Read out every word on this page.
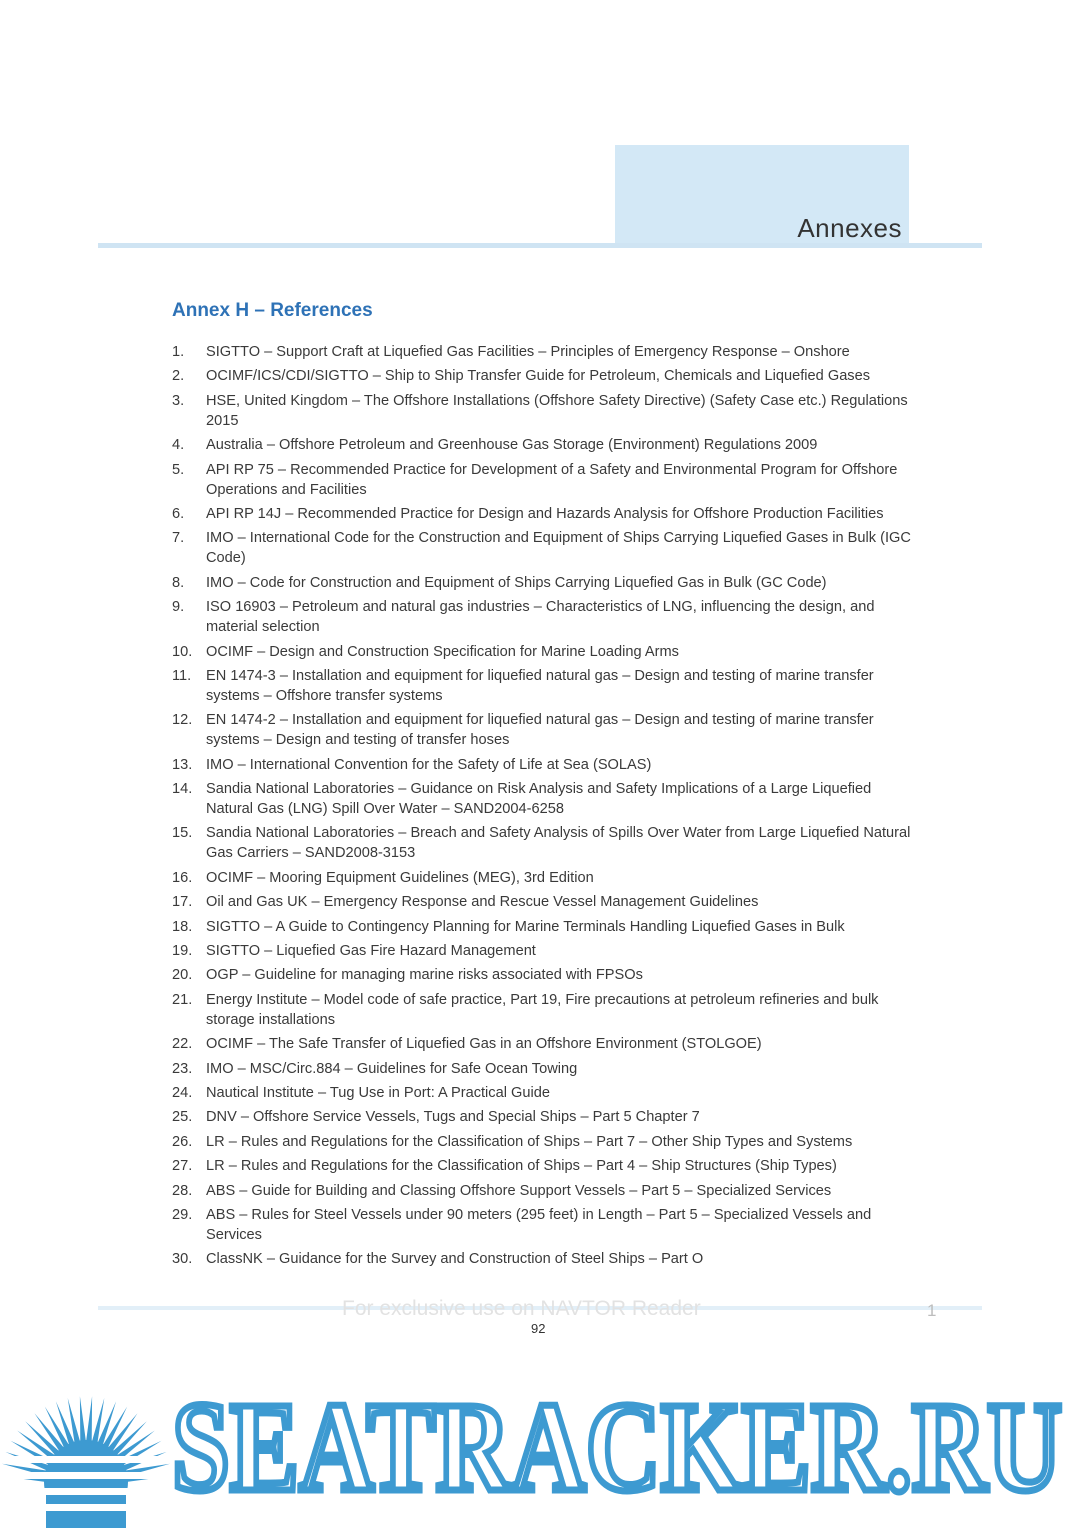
Annexes
Annex H – References
1.	SIGTTO – Support Craft at Liquefied Gas Facilities – Principles of Emergency Response – Onshore
2.	OCIMF/ICS/CDI/SIGTTO – Ship to Ship Transfer Guide for Petroleum, Chemicals and Liquefied Gases
3.	HSE, United Kingdom – The Offshore Installations (Offshore Safety Directive) (Safety Case etc.) Regulations 2015
4.	Australia – Offshore Petroleum and Greenhouse Gas Storage (Environment) Regulations 2009
5.	API RP 75 – Recommended Practice for Development of a Safety and Environmental Program for Offshore Operations and Facilities
6.	API RP 14J – Recommended Practice for Design and Hazards Analysis for Offshore Production Facilities
7.	IMO – International Code for the Construction and Equipment of Ships Carrying Liquefied Gases in Bulk (IGC Code)
8.	IMO – Code for Construction and Equipment of Ships Carrying Liquefied Gas in Bulk (GC Code)
9.	ISO 16903 – Petroleum and natural gas industries – Characteristics of LNG, influencing the design, and material selection
10. OCIMF – Design and Construction Specification for Marine Loading Arms
11.	EN 1474-3 – Installation and equipment for liquefied natural gas – Design and testing of marine transfer systems – Offshore transfer systems
12. EN 1474-2 – Installation and equipment for liquefied natural gas – Design and testing of marine transfer systems – Design and testing of transfer hoses
13. IMO – International Convention for the Safety of Life at Sea (SOLAS)
14. Sandia National Laboratories – Guidance on Risk Analysis and Safety Implications of a Large Liquefied Natural Gas (LNG) Spill Over Water – SAND2004-6258
15. Sandia National Laboratories – Breach and Safety Analysis of Spills Over Water from Large Liquefied Natural Gas Carriers – SAND2008-3153
16. OCIMF – Mooring Equipment Guidelines (MEG), 3rd Edition
17. Oil and Gas UK – Emergency Response and Rescue Vessel Management Guidelines
18. SIGTTO – A Guide to Contingency Planning for Marine Terminals Handling Liquefied Gases in Bulk
19. SIGTTO – Liquefied Gas Fire Hazard Management
20. OGP – Guideline for managing marine risks associated with FPSOs
21. Energy Institute – Model code of safe practice, Part 19, Fire precautions at petroleum refineries and bulk storage installations
22. OCIMF – The Safe Transfer of Liquefied Gas in an Offshore Environment (STOLGOE)
23. IMO – MSC/Circ.884 – Guidelines for Safe Ocean Towing
24. Nautical Institute – Tug Use in Port: A Practical Guide
25. DNV – Offshore Service Vessels, Tugs and Special Ships – Part 5 Chapter 7
26. LR – Rules and Regulations for the Classification of Ships – Part 7 – Other Ship Types and Systems
27. LR – Rules and Regulations for the Classification of Ships – Part 4 – Ship Structures (Ship Types)
28. ABS – Guide for Building and Classing Offshore Support Vessels – Part 5 – Specialized Services
29. ABS – Rules for Steel Vessels under 90 meters (295 feet) in Length – Part 5 – Specialized Vessels and Services
30. ClassNK – Guidance for the Survey and Construction of Steel Ships – Part O
For exclusive use on NAVTOR Reader	1
92
SEATRACKER.RU
